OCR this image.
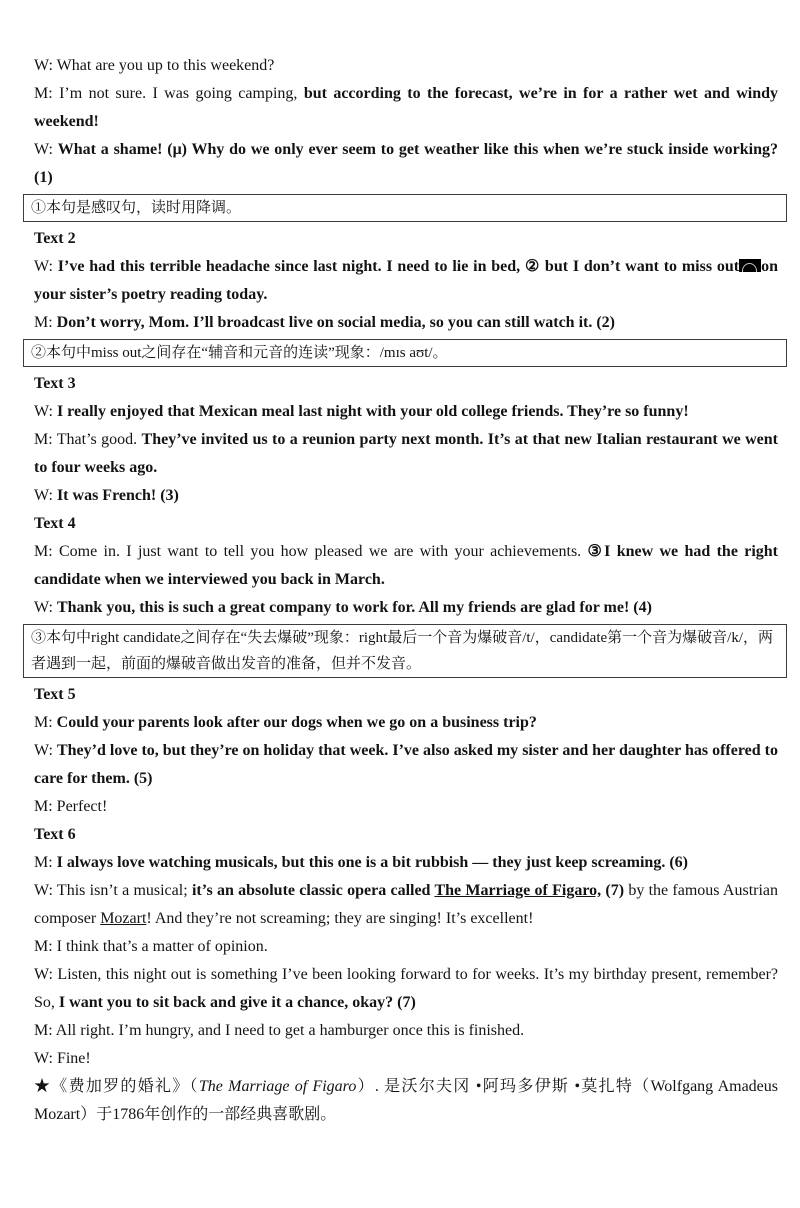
W: What are you up to this weekend?

M: I’m not sure. I was going camping, but according to the forecast, we’re in for a rather wet and windy weekend!

W: What a shame! (μ) Why do we only ever seem to get weather like this when we’re stuck inside working? (1)

①本句是感叹句，读时用降调。

Text 2

W: I’ve had this terrible headache since last night. I need to lie in bed, ② but I don’t want to miss out on your sister’s poetry reading today.

M: Don’t worry, Mom. I’ll broadcast live on social media, so you can still watch it. (2)

②本句中miss out之间存在“辅音和元音的连读”现象：/mɪs aʊt/。

Text 3

W: I really enjoyed that Mexican meal last night with your old college friends. They’re so funny!

M: That’s good. They’ve invited us to a reunion party next month. It’s at that new Italian restaurant we went to four weeks ago.

W: It was French! (3)

Text 4

M: Come in. I just want to tell you how pleased we are with your achievements. ③I knew we had the right candidate when we interviewed you back in March.

W: Thank you, this is such a great company to work for. All my friends are glad for me! (4)

③本句中right candidate之间存在“失去爆破”现象：right最后一个音为爆破音/t/，candidate第一个音为爆破音/k/，两者遇到一起，前面的爆破音做出发音的准备，但并不发音。

Text 5

M: Could your parents look after our dogs when we go on a business trip?

W: They’d love to, but they’re on holiday that week. I’ve also asked my sister and her daughter has offered to care for them. (5)

M: Perfect!

Text 6

M: I always love watching musicals, but this one is a bit rubbish — they just keep screaming. (6)

W: This isn’t a musical; it’s an absolute classic opera called The Marriage of Figaro, (7) by the famous Austrian composer Mozart! And they’re not screaming; they are singing! It’s excellent!

M: I think that’s a matter of opinion.

W: Listen, this night out is something I’ve been looking forward to for weeks. It’s my birthday present, remember? So, I want you to sit back and give it a chance, okay? (7)

M: All right. I’m hungry, and I need to get a hamburger once this is finished.

W: Fine!

★《费加罗的婚礼》（The Marriage of Figaro）. 是沃尔夫冈 •阿玛多伊斯 •莫扎特（Wolfgang Amadeus Mozart）于1786年创作的一部经典喜歌剧。
